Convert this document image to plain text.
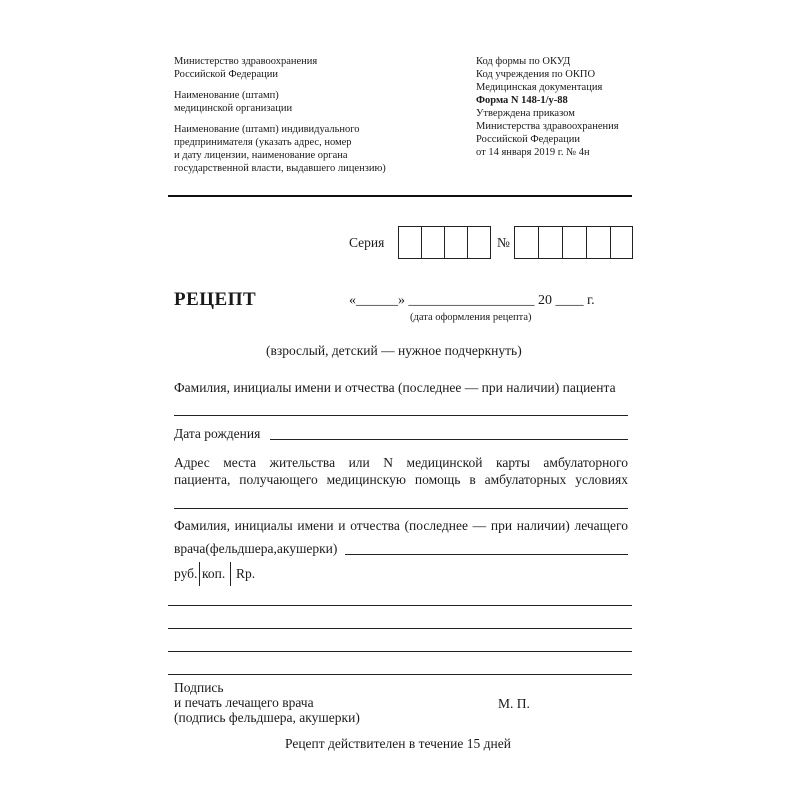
Министерство здравоохранения

Российской Федерации

Наименование (штамп)

медицинской организации

Наименование (штамп) индивидуального

предпринимателя (указать адрес, номер

и дату лицензии, наименование органа

государственной власти, выдавшего лицензию)

Код формы по ОКУД

Код учреждения по ОКПО

Медицинская документация

Форма N 148-1/у-88

Утверждена приказом

Министерства здравоохранения

Российской Федерации

от 14 января 2019 г. № 4н

Серия	№
РЕЦЕПТ	«______» __________________ 20 ____ г.
(дата оформления рецепта)
(взрослый, детский — нужное подчеркнуть)
Фамилия, инициалы имени и отчества (последнее — при наличии) пациента
Дата рождения
Адрес места жительства или N медицинской карты амбулаторного
пациента, получающего медицинскую помощь в амбулаторных условиях
Фамилия, инициалы имени и отчества (последнее — при наличии) лечащего
врача(фельдшера,акушерки)
руб. коп. Rp.
Подпись
и печать лечащего врача
(подпись фельдшера, акушерки)
М. П.
Рецепт действителен в течение 15 дней
